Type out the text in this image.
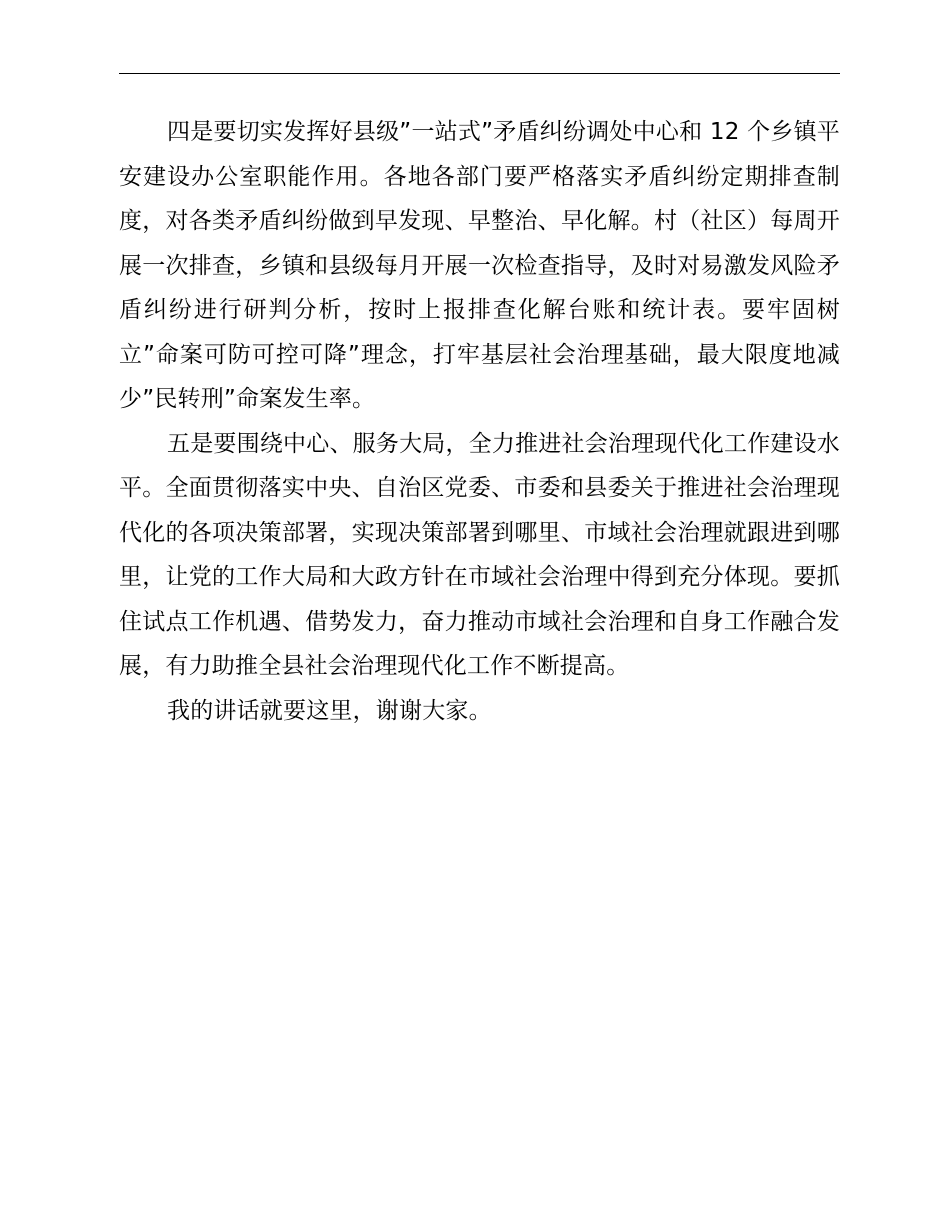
四是要切实发挥好县级”一站式”矛盾纠纷调处中心和 12 个乡镇平安建设办公室职能作用。各地各部门要严格落实矛盾纠纷定期排查制度，对各类矛盾纠纷做到早发现、早整治、早化解。村（社区）每周开展一次排查，乡镇和县级每月开展一次检查指导，及时对易激发风险矛盾纠纷进行研判分析，按时上报排查化解台账和统计表。要牢固树立”命案可防可控可降”理念，打牢基层社会治理基础，最大限度地减少”民转刑”命案发生率。

五是要围绕中心、服务大局，全力推进社会治理现代化工作建设水平。全面贯彻落实中央、自治区党委、市委和县委关于推进社会治理现代化的各项决策部署，实现决策部署到哪里、市域社会治理就跟进到哪里，让党的工作大局和大政方针在市域社会治理中得到充分体现。要抓住试点工作机遇、借势发力，奋力推动市域社会治理和自身工作融合发展，有力助推全县社会治理现代化工作不断提高。

我的讲话就要这里，谢谢大家。
